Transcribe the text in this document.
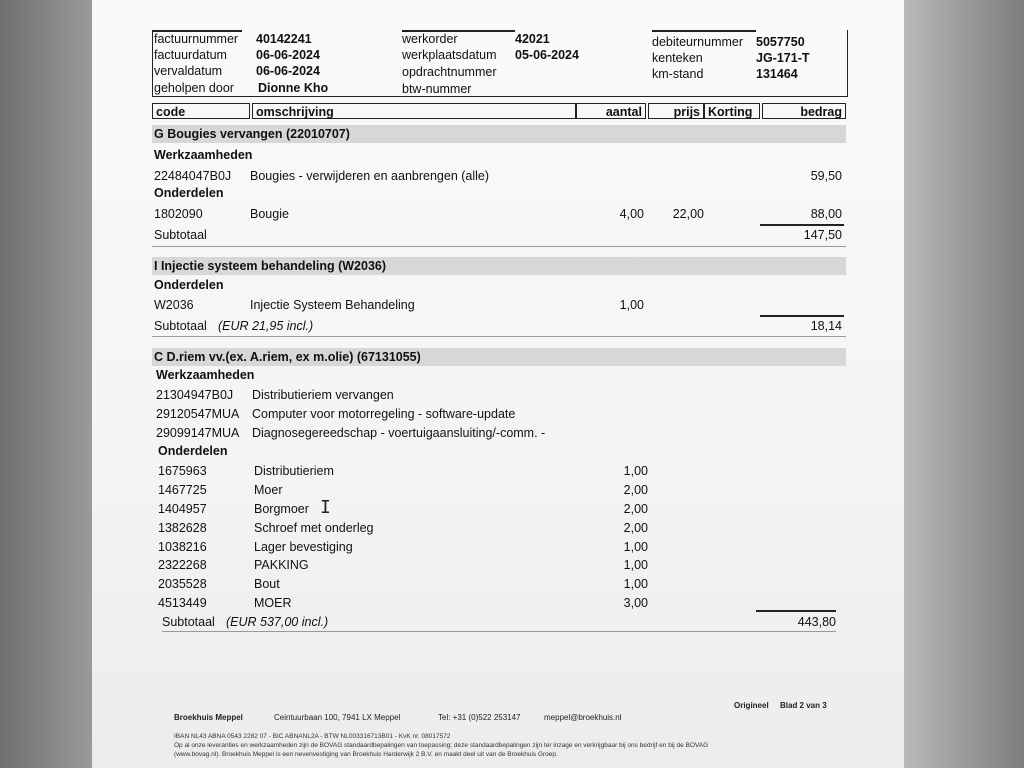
factuurnummer 40142241
factuurdatum 06-06-2024
vervaldatum	06-06-2024
geholpen door Dionne Kho
werkorder	42021
werkplaatsdatum 05-06-2024
opdrachtnummer
btw-nummer
debiteurnummer 5057750
kenteken	JG-171-T
km-stand	131464
code	omschrijving	aantal	prijs Korting	bedrag
G Bougies vervangen (22010707)
Werkzaamheden
22484047B0J Bougies - verwijderen en aanbrengen (alle)	59,50
Onderdelen
1802090	Bougie	4,00	22,00	88,00
Subtotaal	147,50
I Injectie systeem behandeling (W2036)
Onderdelen
W2036	Injectie Systeem Behandeling	1,00
Subtotaal (EUR 21,95 incl.)	18,14
C D.riem vv.(ex. A.riem, ex m.olie) (67131055)
Werkzaamheden
21304947B0J Distributieriem vervangen
29120547MUA Computer voor motorregeling - software-update
29099147MUA Diagnosegereedschap - voertuigaansluiting/-comm. -
Onderdelen
1675963	Distributieriem	1,00
1467725	Moer	2,00
1404957	Borgmoer	2,00
1382628	Schroef met onderleg	2,00
1038216	Lager bevestiging	1,00
2322268	PAKKING	1,00
2035528	Bout	1,00
4513449	MOER	3,00
Subtotaal (EUR 537,00 incl.)	443,80
I
Origineel Blad 2 van 3
Broekhuis Meppel	Ceintuurbaan 100, 7941 LX Meppel	Tel: +31 (0)522 253147	meppel@broekhuis.nl
IBAN NL43 ABNA 0543 2282 07 - BIC ABNANL2A - BTW NL003316713B01 - KvK nr. 08017572
Op al onze leveranties en werkzaamheden zijn de BOVAG standaardbepalingen van toepassing; deze standaardbepalingen zijn ter inzage en verkrijgbaar bij ons bedrijf en bij de BOVAG
(www.bovag.nl). Broekhuis Meppel is een nevenvestiging van Broekhuis Harderwijk 2 B.V. en maakt deel uit van de Broekhuis Groep.
